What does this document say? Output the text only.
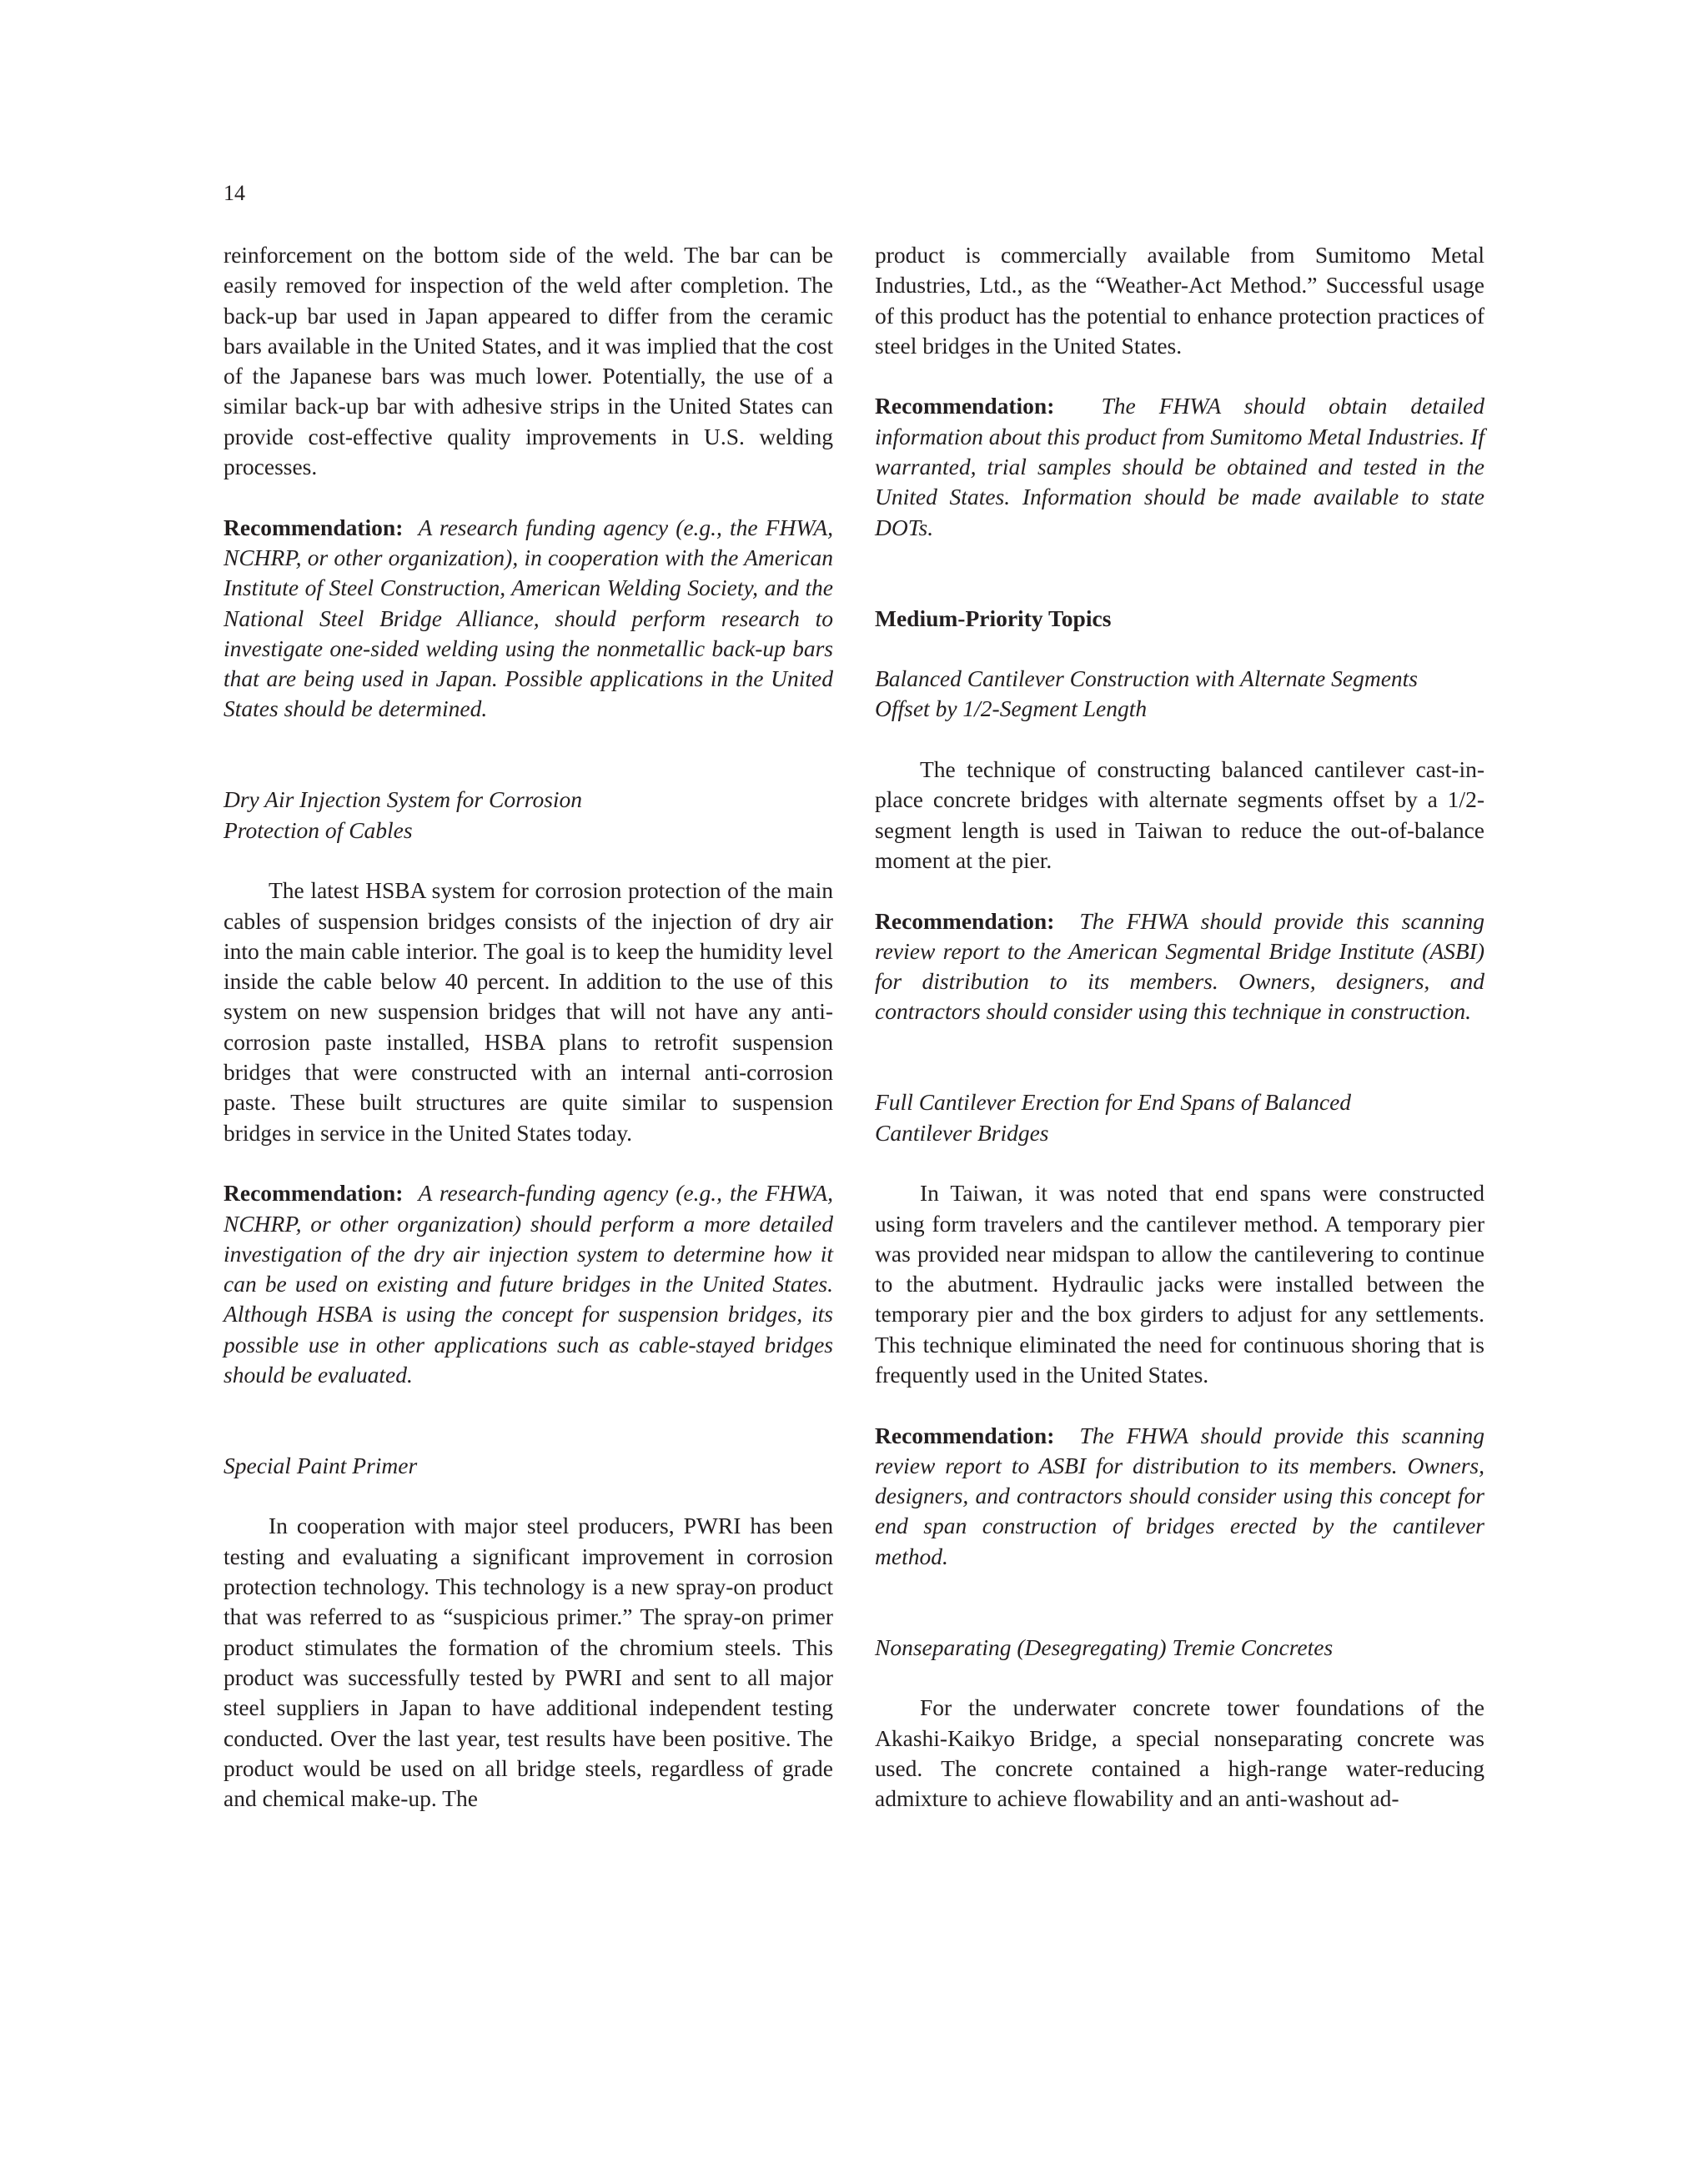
14

reinforcement on the bottom side of the weld. The bar can be easily removed for inspection of the weld after completion. The back-up bar used in Japan appeared to differ from the ceramic bars available in the United States, and it was implied that the cost of the Japanese bars was much lower. Potentially, the use of a similar back-up bar with adhesive strips in the United States can provide cost-effective quality improvements in U.S. welding processes.

Recommendation: A research funding agency (e.g., the FHWA, NCHRP, or other organization), in cooperation with the American Institute of Steel Construction, American Welding Society, and the National Steel Bridge Alliance, should perform research to investigate one-sided welding using the nonmetallic back-up bars that are being used in Japan. Possible applications in the United States should be determined.

Dry Air Injection System for Corrosion
Protection of Cables

The latest HSBA system for corrosion protection of the main cables of suspension bridges consists of the injection of dry air into the main cable interior. The goal is to keep the humidity level inside the cable below 40 percent. In addition to the use of this system on new suspension bridges that will not have any anti-corrosion paste installed, HSBA plans to retrofit suspension bridges that were constructed with an internal anti-corrosion paste. These built structures are quite similar to suspension bridges in service in the United States today.

Recommendation: A research-funding agency (e.g., the FHWA, NCHRP, or other organization) should perform a more detailed investigation of the dry air injection system to determine how it can be used on existing and future bridges in the United States. Although HSBA is using the concept for suspension bridges, its possible use in other applications such as cable-stayed bridges should be evaluated.

Special Paint Primer

In cooperation with major steel producers, PWRI has been testing and evaluating a significant improvement in corrosion protection technology. This technology is a new spray-on product that was referred to as “suspicious primer.” The spray-on primer product stimulates the formation of the chromium steels. This product was successfully tested by PWRI and sent to all major steel suppliers in Japan to have additional independent testing conducted. Over the last year, test results have been positive. The product would be used on all bridge steels, regardless of grade and chemical make-up. The

product is commercially available from Sumitomo Metal Industries, Ltd., as the “Weather-Act Method.” Successful usage of this product has the potential to enhance protection practices of steel bridges in the United States.

Recommendation: The FHWA should obtain detailed information about this product from Sumitomo Metal Industries. If warranted, trial samples should be obtained and tested in the United States. Information should be made available to state DOTs.

Medium-Priority Topics

Balanced Cantilever Construction with Alternate Segments
Offset by 1/2-Segment Length

The technique of constructing balanced cantilever cast-in-place concrete bridges with alternate segments offset by a 1/2-segment length is used in Taiwan to reduce the out-of-balance moment at the pier.

Recommendation: The FHWA should provide this scanning review report to the American Segmental Bridge Institute (ASBI) for distribution to its members. Owners, designers, and contractors should consider using this technique in construction.

Full Cantilever Erection for End Spans of Balanced
Cantilever Bridges

In Taiwan, it was noted that end spans were constructed using form travelers and the cantilever method. A temporary pier was provided near midspan to allow the cantilevering to continue to the abutment. Hydraulic jacks were installed between the temporary pier and the box girders to adjust for any settlements. This technique eliminated the need for continuous shoring that is frequently used in the United States.

Recommendation: The FHWA should provide this scanning review report to ASBI for distribution to its members. Owners, designers, and contractors should consider using this concept for end span construction of bridges erected by the cantilever method.

Nonseparating (Desegregating) Tremie Concretes

For the underwater concrete tower foundations of the Akashi-Kaikyo Bridge, a special nonseparating concrete was used. The concrete contained a high-range water-reducing admixture to achieve flowability and an anti-washout ad-
